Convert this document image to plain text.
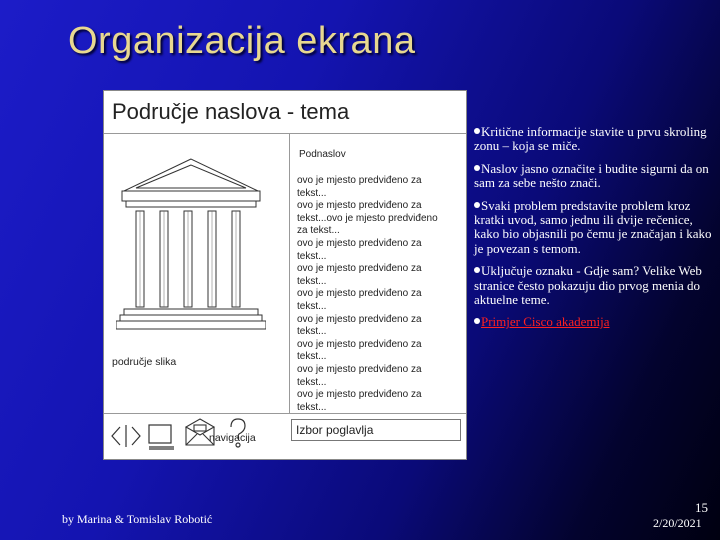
Organizacija ekrana
Područje naslova - tema
područje slika
Podnaslov
ovo je mjesto predviđeno za
tekst...
ovo je mjesto predviđeno za
tekst...ovo je mjesto predviđeno
za tekst...
ovo je mjesto predviđeno za
tekst...
ovo je mjesto predviđeno za
tekst...
ovo je mjesto predviđeno za
tekst...
ovo je mjesto predviđeno za
tekst...
ovo je mjesto predviđeno za
tekst...
ovo je mjesto predviđeno za
tekst...
ovo je mjesto predviđeno za
tekst...
navigacija
Izbor poglavlja
Kritične informacije stavite u prvu skroling zonu – koja se miče.
Naslov jasno označite i budite sigurni da on sam za sebe nešto znači.
Svaki problem predstavite problem kroz kratki uvod, samo jednu ili dvije rečenice, kako bio objasnili po čemu je značajan i kako je povezan s temom.
Uključuje oznaku - Gdje sam? Velike Web stranice često pokazuju dio prvog menia do aktuelne teme.
Primjer Cisco akademija
by Marina & Tomislav Robotić
15
2/20/2021
